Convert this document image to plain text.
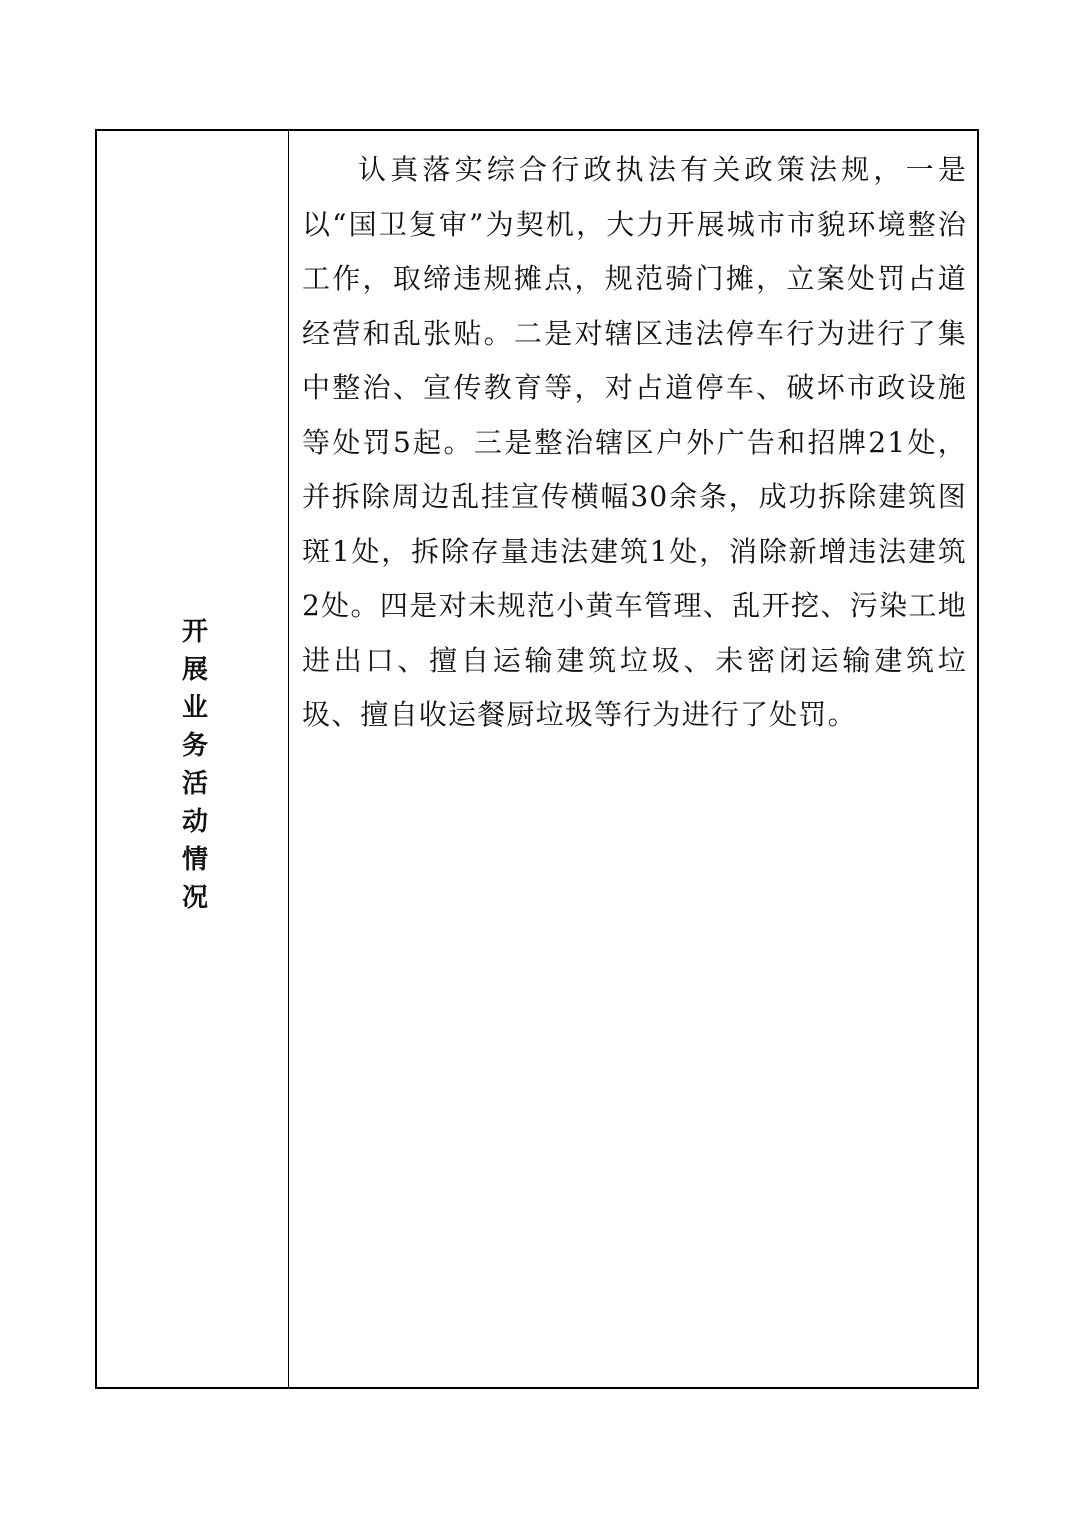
开展业务活动情况

认真落实综合行政执法有关政策法规，一是以“国卫复审”为契机，大力开展城市市貌环境整治工作，取缔违规摊点，规范骑门摊，立案处罚占道经营和乱张贴。二是对辖区违法停车行为进行了集中整治、宣传教育等，对占道停车、破坏市政设施等处罚5起。三是整治辖区户外广告和招牌21处，并拆除周边乱挂宣传横幅30余条，成功拆除建筑图斑1处，拆除存量违法建筑1处，消除新增违法建筑2处。四是对未规范小黄车管理、乱开挖、污染工地进出口、擅自运输建筑垃圾、未密闭运输建筑垃圾、擅自收运餐厨垃圾等行为进行了处罚。
